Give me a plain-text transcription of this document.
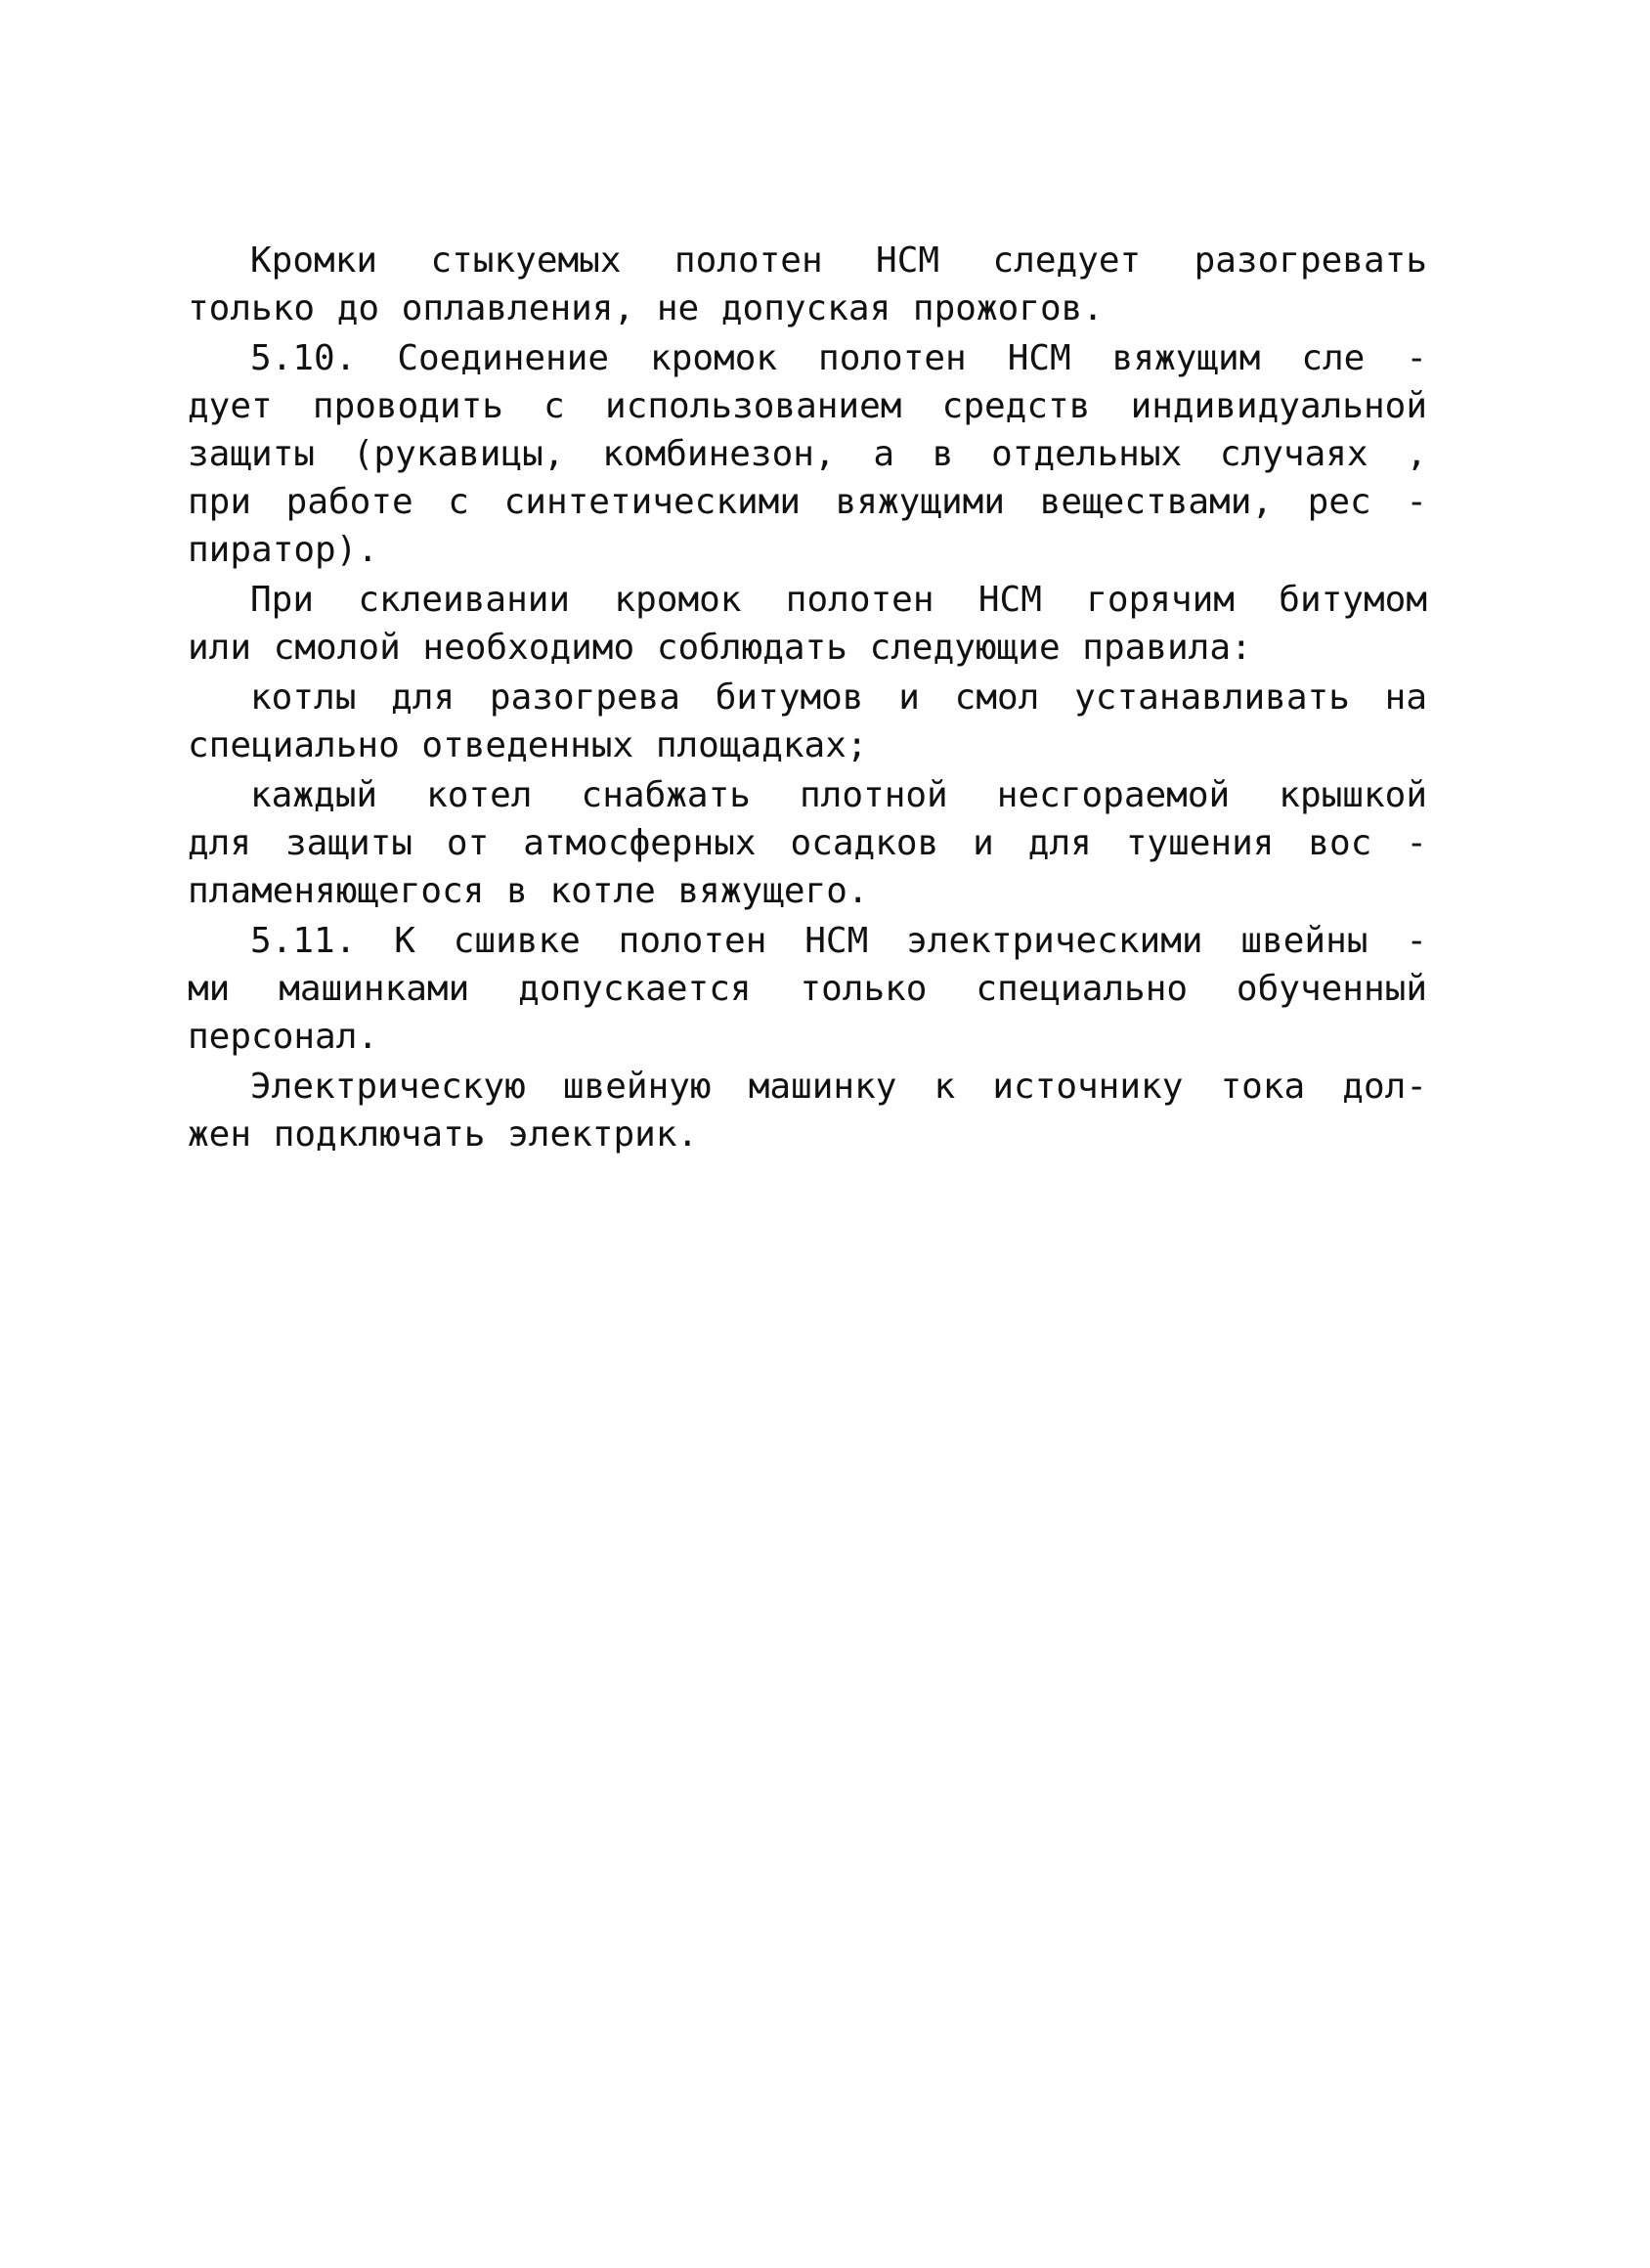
Кромки стыкуемых полотен НСМ следует разогревать
только до оплавления, не допуская прожогов.
5.10. Соединение кромок полотен НСМ вяжущим сле -
дует проводить с использованием средств индивидуальной
защиты (рукавицы, комбинезон, а в отдельных случаях ,
при работе с синтетическими вяжущими веществами, рес -
пиратор).
При склеивании кромок полотен НСМ горячим битумом
или смолой необходимо соблюдать следующие правила:
котлы для разогрева битумов и смол устанавливать на
специально отведенных площадках;
каждый котел снабжать плотной несгораемой крышкой
для защиты от атмосферных осадков и для тушения вос -
пламеняющегося в котле вяжущего.
5.11. К сшивке полотен НСМ электрическими швейны -
ми машинками допускается только специально обученный
персонал.
Электрическую швейную машинку к источнику тока дол-
жен подключать электрик.
